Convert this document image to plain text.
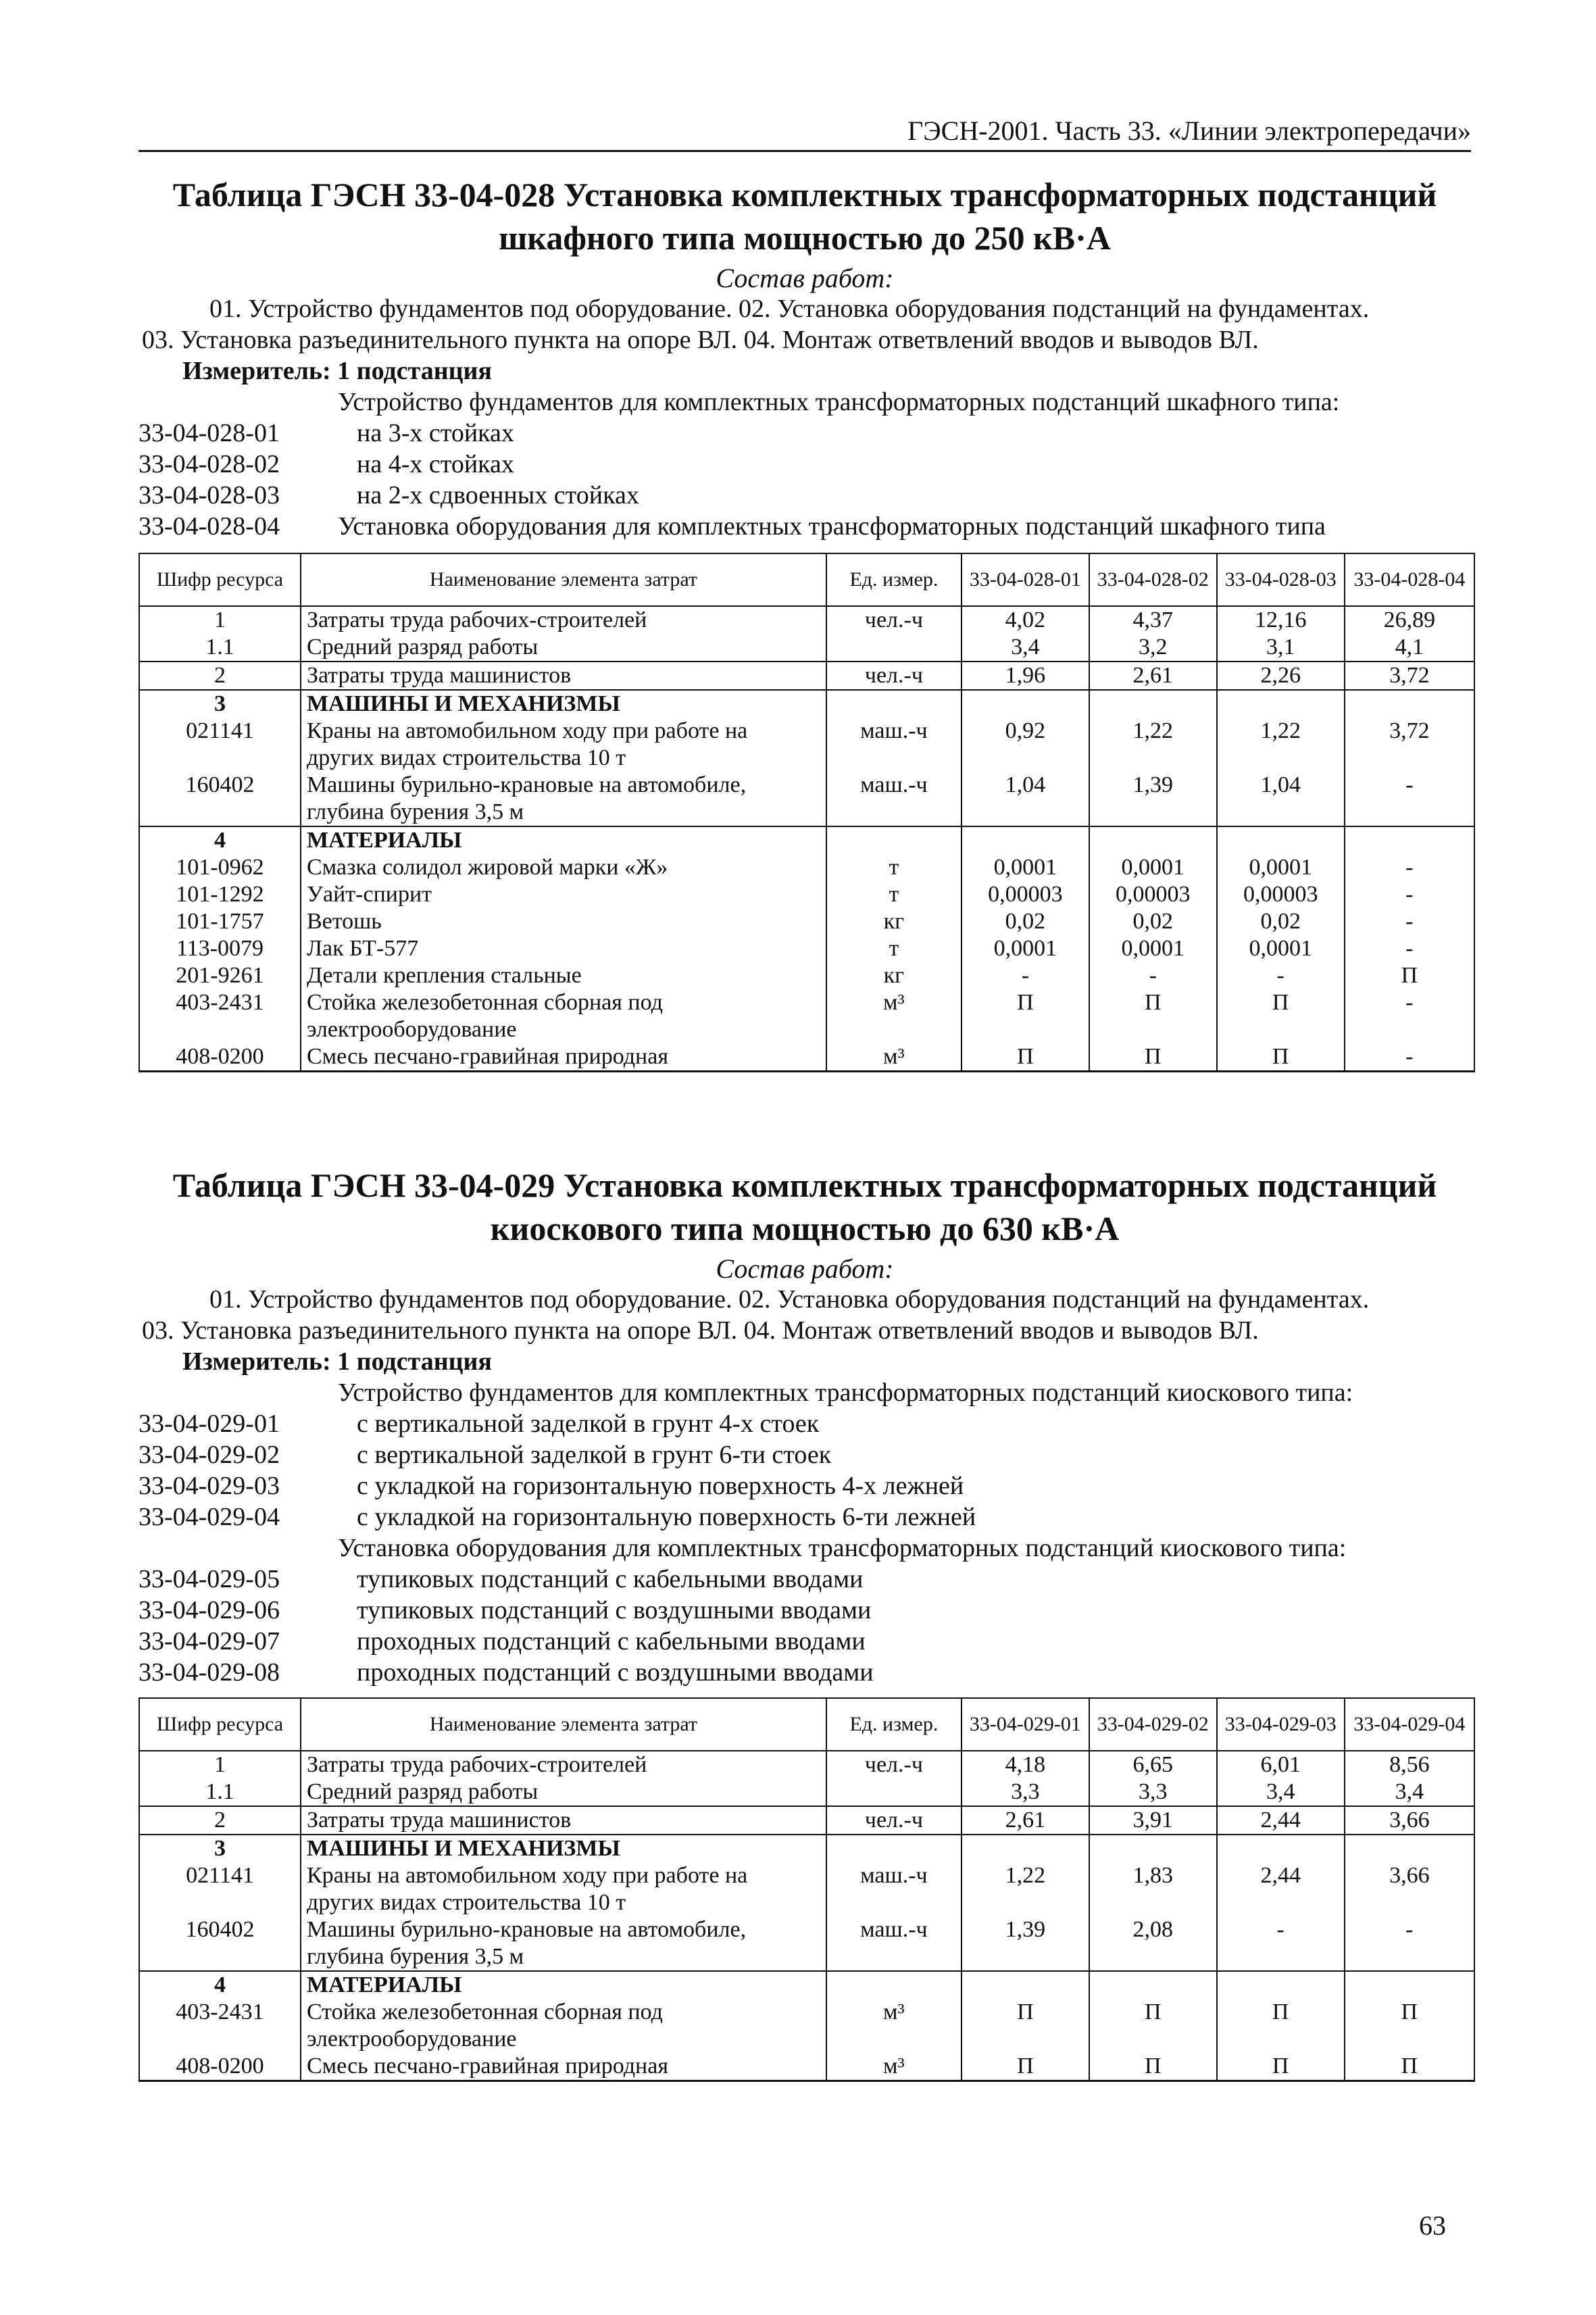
ГЭСН-2001. Часть 33. «Линии электропередачи»
Таблица ГЭСН 33-04-028 Установка комплектных трансформаторных подстанций
шкафного типа мощностью до 250 кВ·А
Состав работ:
01. Устройство фундаментов под оборудование. 02. Установка оборудования подстанций на фундаментах.
03. Установка разъединительного пункта на опоре ВЛ. 04. Монтаж ответвлений вводов и выводов ВЛ.
Измеритель: 1 подстанция
Устройство фундаментов для комплектных трансформаторных подстанций шкафного типа:
33-04-028-01	на 3-х стойках
33-04-028-02	на 4-х стойках
33-04-028-03	на 2-х сдвоенных стойках
33-04-028-04 Установка оборудования для комплектных трансформаторных подстанций шкафного типа
Шифр ресурса	Наименование элемента затрат	Ед. измер.	33-04-028-01	33-04-028-02	33-04-028-03	33-04-028-04
1	Затраты труда рабочих-строителей	чел.-ч	4,02	4,37	12,16	26,89
1.1	Средний разряд работы		3,4	3,2	3,1	4,1
2	Затраты труда машинистов	чел.-ч	1,96	2,61	2,26	3,72
3	МАШИНЫ И МЕХАНИЗМЫ					
021141	Краны на автомобильном ходу при работе на других видах строительства 10 т	маш.-ч	0,92	1,22	1,22	3,72
160402	Машины бурильно-крановые на автомобиле, глубина бурения 3,5 м	маш.-ч	1,04	1,39	1,04	-
4	МАТЕРИАЛЫ					
101-0962	Смазка солидол жировой марки «Ж»	т	0,0001	0,0001	0,0001	-
101-1292	Уайт-спирит	т	0,00003	0,00003	0,00003	-
101-1757	Ветошь	кг	0,02	0,02	0,02	-
113-0079	Лак БТ-577	т	0,0001	0,0001	0,0001	-
201-9261	Детали крепления стальные	кг	-	-	-	П
403-2431	Стойка железобетонная сборная под электрооборудование	м³	П	П	П	-
408-0200	Смесь песчано-гравийная природная	м³	П	П	П	-
Таблица ГЭСН 33-04-029 Установка комплектных трансформаторных подстанций
киоскового типа мощностью до 630 кВ·А
Состав работ:
01. Устройство фундаментов под оборудование. 02. Установка оборудования подстанций на фундаментах.
03. Установка разъединительного пункта на опоре ВЛ. 04. Монтаж ответвлений вводов и выводов ВЛ.
Измеритель: 1 подстанция
Устройство фундаментов для комплектных трансформаторных подстанций киоскового типа:
33-04-029-01	с вертикальной заделкой в грунт 4-х стоек
33-04-029-02	с вертикальной заделкой в грунт 6-ти стоек
33-04-029-03	с укладкой на горизонтальную поверхность 4-х лежней
33-04-029-04	с укладкой на горизонтальную поверхность 6-ти лежней
Установка оборудования для комплектных трансформаторных подстанций киоскового типа:
33-04-029-05	тупиковых подстанций с кабельными вводами
33-04-029-06	тупиковых подстанций с воздушными вводами
33-04-029-07	проходных подстанций с кабельными вводами
33-04-029-08	проходных подстанций с воздушными вводами
Шифр ресурса	Наименование элемента затрат	Ед. измер.	33-04-029-01	33-04-029-02	33-04-029-03	33-04-029-04
1	Затраты труда рабочих-строителей	чел.-ч	4,18	6,65	6,01	8,56
1.1	Средний разряд работы		3,3	3,3	3,4	3,4
2	Затраты труда машинистов	чел.-ч	2,61	3,91	2,44	3,66
3	МАШИНЫ И МЕХАНИЗМЫ					
021141	Краны на автомобильном ходу при работе на других видах строительства 10 т	маш.-ч	1,22	1,83	2,44	3,66
160402	Машины бурильно-крановые на автомобиле, глубина бурения 3,5 м	маш.-ч	1,39	2,08	-	-
4	МАТЕРИАЛЫ					
403-2431	Стойка железобетонная сборная под электрооборудование	м³	П	П	П	П
408-0200	Смесь песчано-гравийная природная	м³	П	П	П	П
63
